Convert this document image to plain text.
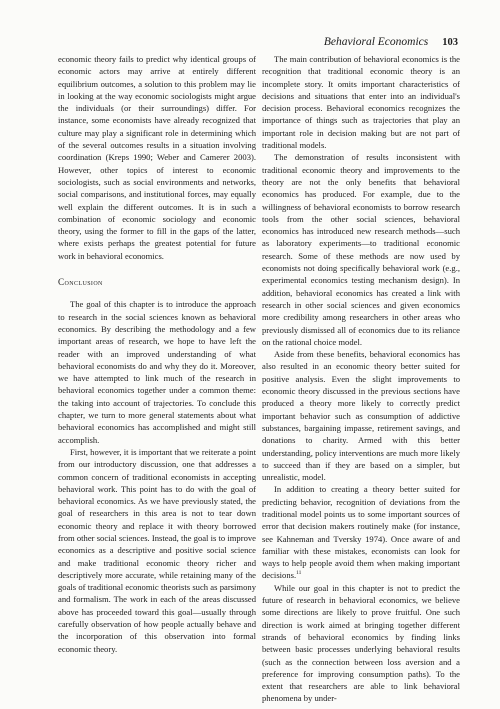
Behavioral Economics 103

economic theory fails to predict why identical groups of economic actors may arrive at entirely different equilibrium outcomes, a solution to this problem may lie in looking at the way economic sociologists might argue the individuals (or their surroundings) differ. For instance, some economists have already recognized that culture may play a significant role in determining which of the several outcomes results in a situation involving coordination (Kreps 1990; Weber and Camerer 2003). However, other topics of interest to economic sociologists, such as social environments and networks, social comparisons, and institutional forces, may equally well explain the different outcomes. It is in such a combination of economic sociology and economic theory, using the former to fill in the gaps of the latter, where exists perhaps the greatest potential for future work in behavioral economics.

Conclusion

The goal of this chapter is to introduce the approach to research in the social sciences known as behavioral economics. By describing the methodology and a few important areas of research, we hope to have left the reader with an improved understanding of what behavioral economists do and why they do it. Moreover, we have attempted to link much of the research in behavioral economics together under a common theme: the taking into account of trajectories. To conclude this chapter, we turn to more general statements about what behavioral economics has accomplished and might still accomplish.

First, however, it is important that we reiterate a point from our introductory discussion, one that addresses a common concern of traditional economists in accepting behavioral work. This point has to do with the goal of behavioral economics. As we have previously stated, the goal of researchers in this area is not to tear down economic theory and replace it with theory borrowed from other social sciences. Instead, the goal is to improve economics as a descriptive and positive social science and make traditional economic theory richer and descriptively more accurate, while retaining many of the goals of traditional economic theorists such as parsimony and formalism. The work in each of the areas discussed above has proceeded toward this goal—usually through carefully observation of how people actually behave and the incorporation of this observation into formal economic theory.

The main contribution of behavioral economics is the recognition that traditional economic theory is an incomplete story. It omits important characteristics of decisions and situations that enter into an individual's decision process. Behavioral economics recognizes the importance of things such as trajectories that play an important role in decision making but are not part of traditional models.

The demonstration of results inconsistent with traditional economic theory and improvements to the theory are not the only benefits that behavioral economics has produced. For example, due to the willingness of behavioral economists to borrow research tools from the other social sciences, behavioral economics has introduced new research methods—such as laboratory experiments—to traditional economic research. Some of these methods are now used by economists not doing specifically behavioral work (e.g., experimental economics testing mechanism design). In addition, behavioral economics has created a link with research in other social sciences and given economics more credibility among researchers in other areas who previously dismissed all of economics due to its reliance on the rational choice model.

Aside from these benefits, behavioral economics has also resulted in an economic theory better suited for positive analysis. Even the slight improvements to economic theory discussed in the previous sections have produced a theory more likely to correctly predict important behavior such as consumption of addictive substances, bargaining impasse, retirement savings, and donations to charity. Armed with this better understanding, policy interventions are much more likely to succeed than if they are based on a simpler, but unrealistic, model.

In addition to creating a theory better suited for predicting behavior, recognition of deviations from the traditional model points us to some important sources of error that decision makers routinely make (for instance, see Kahneman and Tversky 1974). Once aware of and familiar with these mistakes, economists can look for ways to help people avoid them when making important decisions.$^{11}$

While our goal in this chapter is not to predict the future of research in behavioral economics, we believe some directions are likely to prove fruitful. One such direction is work aimed at bringing together different strands of behavioral economics by finding links between basic processes underlying behavioral results (such as the connection between loss aversion and a preference for improving consumption paths). To the extent that researchers are able to link behavioral phenomena by under-
